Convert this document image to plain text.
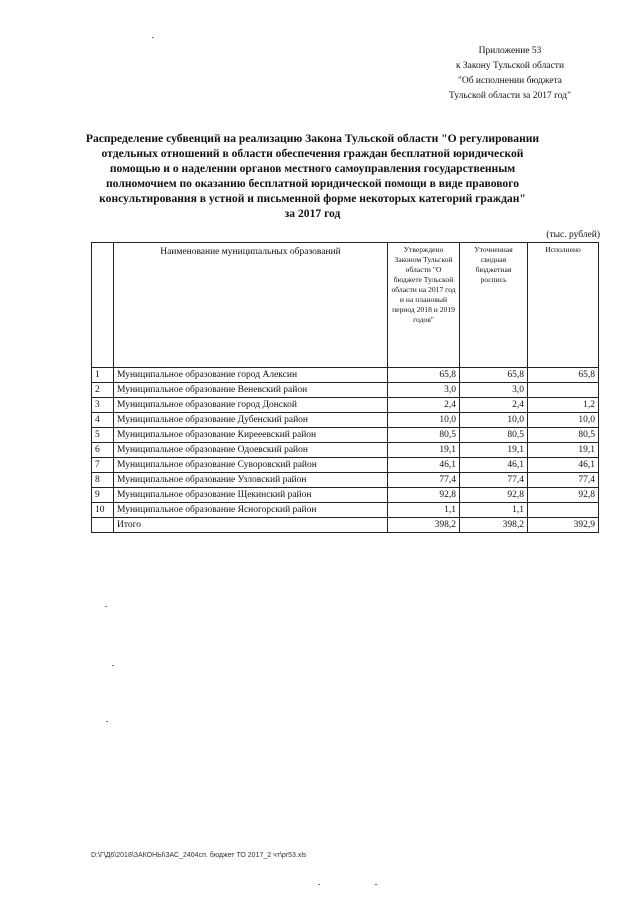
Приложение 53
к Закону Тульской области
"Об исполнении бюджета
Тульской области за 2017 год"
Распределение субвенций на реализацию Закона Тульской области "О регулировании
отдельных отношений в области обеспечения граждан бесплатной юридической
помощью и о наделении органов местного самоуправления государственным
полномочием по оказанию бесплатной юридической помощи в виде правового
консультирования в устной и письменной форме некоторых категорий граждан"
за 2017 год
(тыс. рублей)
	Наименование муниципальных образований	Утверждено Законом Тульской области "О бюджете Тульской области на 2017 год и на плановый период 2018 и 2019 годов"	Уточненная сводная бюджетная роспись	Исполнено
1	Муниципальное образование город Алексин	65,8	65,8	65,8
2	Муниципальное образование Веневский район	3,0	3,0	
3	Муниципальное образование город Донской	2,4	2,4	1,2
4	Муниципальное образование Дубенский район	10,0	10,0	10,0
5	Муниципальное образование Кирееевский район	80,5	80,5	80,5
6	Муниципальное образование Одоевский район	19,1	19,1	19,1
7	Муниципальное образование Суворовский район	46,1	46,1	46,1
8	Муниципальное образование Узловский район	77,4	77,4	77,4
9	Муниципальное образование Щекинский район	92,8	92,8	92,8
10	Муниципальное образование Ясногорский район	1,1	1,1	
	Итого	398,2	398,2	392,9
D:\Г\Д6\2018\ЗАКОНЫ\ЗАС_2404сп. бюджет ТО 2017_2 чт\pr53.xls
